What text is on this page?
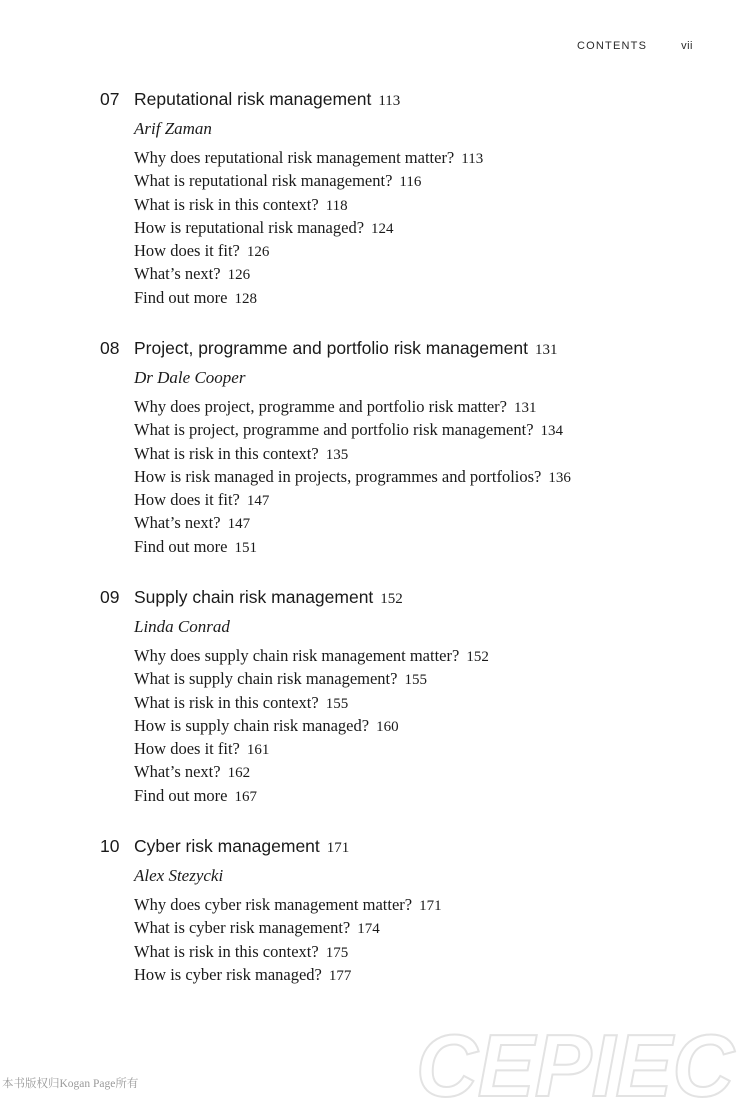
CONTENTS	vii
07 Reputational risk management 113
Arif Zaman
Why does reputational risk management matter? 113
What is reputational risk management? 116
What is risk in this context? 118
How is reputational risk managed? 124
How does it fit? 126
What’s next? 126
Find out more 128
08 Project, programme and portfolio risk management 131
Dr Dale Cooper
Why does project, programme and portfolio risk matter? 131
What is project, programme and portfolio risk management? 134
What is risk in this context? 135
How is risk managed in projects, programmes and portfolios? 136
How does it fit? 147
What’s next? 147
Find out more 151
09 Supply chain risk management 152
Linda Conrad
Why does supply chain risk management matter? 152
What is supply chain risk management? 155
What is risk in this context? 155
How is supply chain risk managed? 160
How does it fit? 161
What’s next? 162
Find out more 167
10 Cyber risk management 171
Alex Stezycki
Why does cyber risk management matter? 171
What is cyber risk management? 174
What is risk in this context? 175
How is cyber risk managed? 177
本书版权归Kogan Page所有	CEPIEC
